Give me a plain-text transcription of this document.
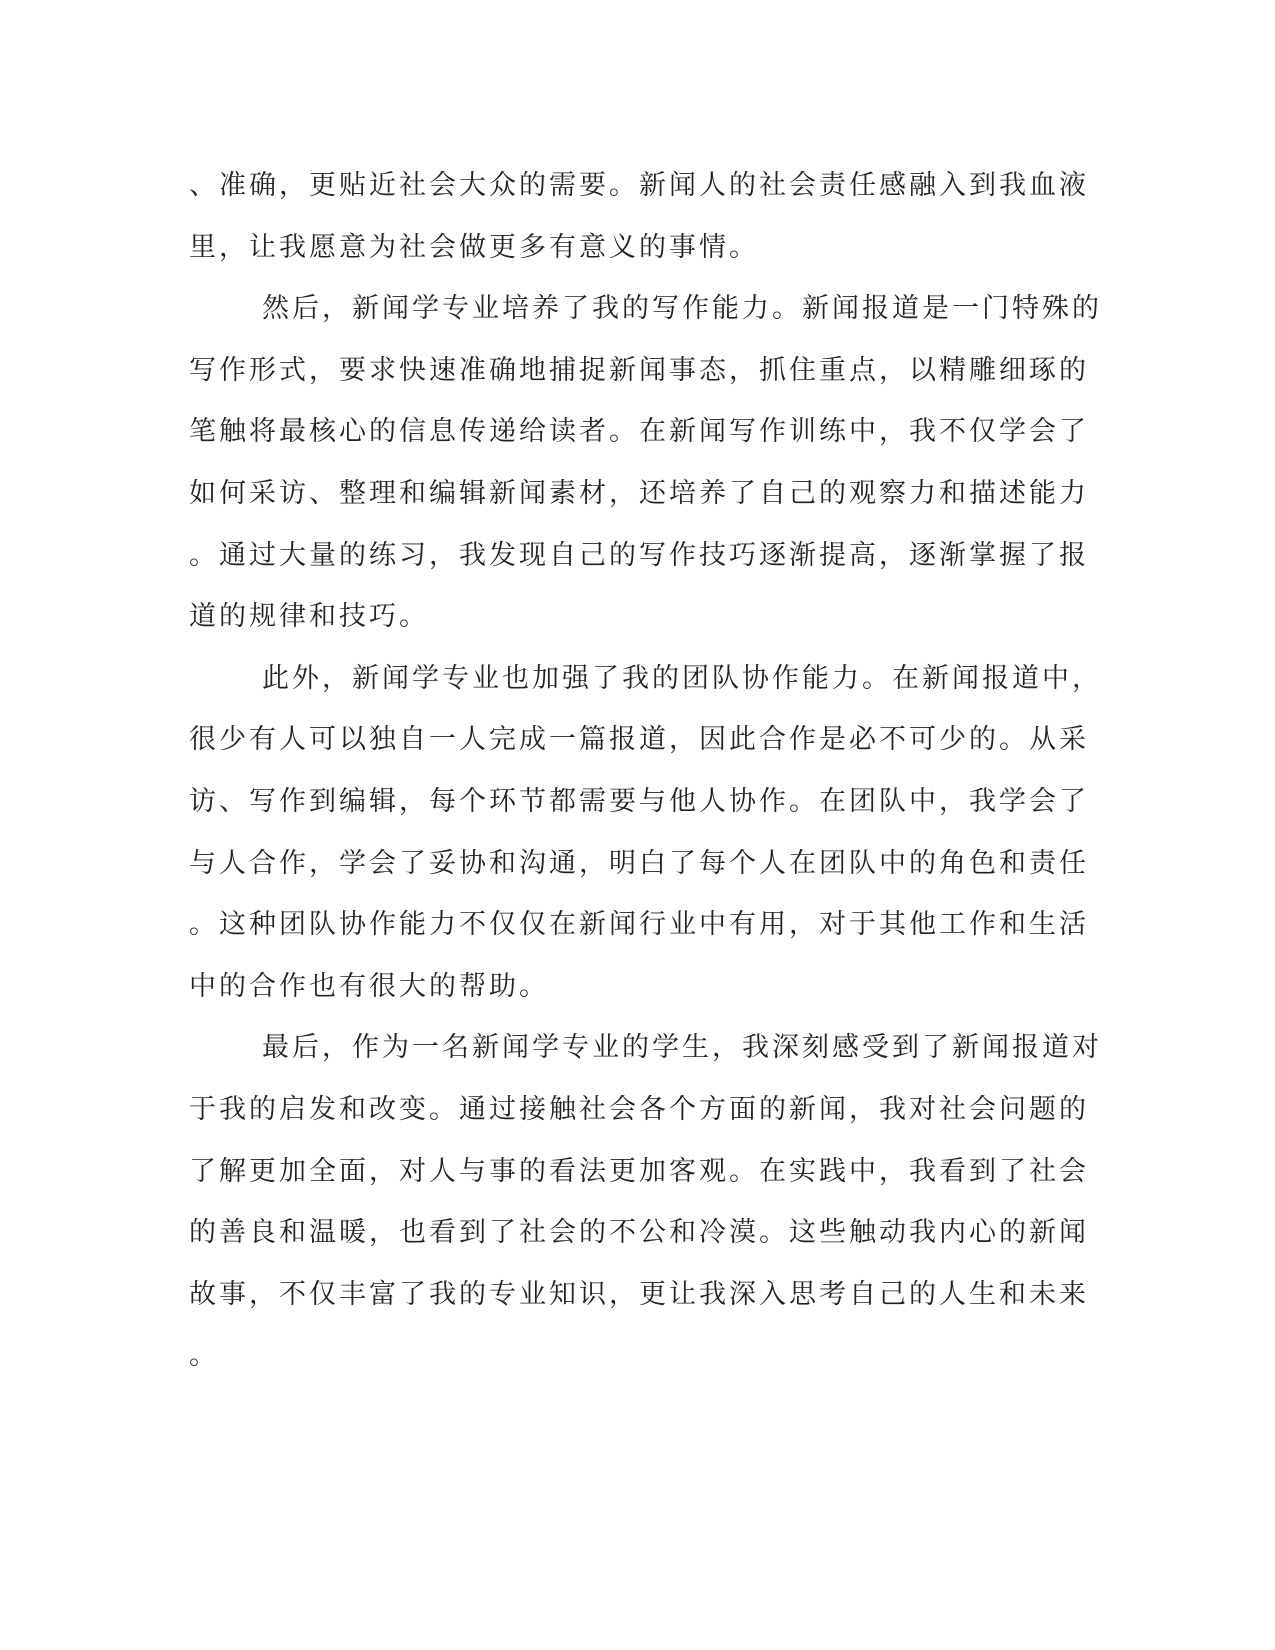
、准确，更贴近社会大众的需要。新闻人的社会责任感融入到我血液
里，让我愿意为社会做更多有意义的事情。
然后，新闻学专业培养了我的写作能力。新闻报道是一门特殊的
写作形式，要求快速准确地捕捉新闻事态，抓住重点，以精雕细琢的
笔触将最核心的信息传递给读者。在新闻写作训练中，我不仅学会了
如何采访、整理和编辑新闻素材，还培养了自己的观察力和描述能力
。通过大量的练习，我发现自己的写作技巧逐渐提高，逐渐掌握了报
道的规律和技巧。
此外，新闻学专业也加强了我的团队协作能力。在新闻报道中，
很少有人可以独自一人完成一篇报道，因此合作是必不可少的。从采
访、写作到编辑，每个环节都需要与他人协作。在团队中，我学会了
与人合作，学会了妥协和沟通，明白了每个人在团队中的角色和责任
。这种团队协作能力不仅仅在新闻行业中有用，对于其他工作和生活
中的合作也有很大的帮助。
最后，作为一名新闻学专业的学生，我深刻感受到了新闻报道对
于我的启发和改变。通过接触社会各个方面的新闻，我对社会问题的
了解更加全面，对人与事的看法更加客观。在实践中，我看到了社会
的善良和温暖，也看到了社会的不公和冷漠。这些触动我内心的新闻
故事，不仅丰富了我的专业知识，更让我深入思考自己的人生和未来
。
